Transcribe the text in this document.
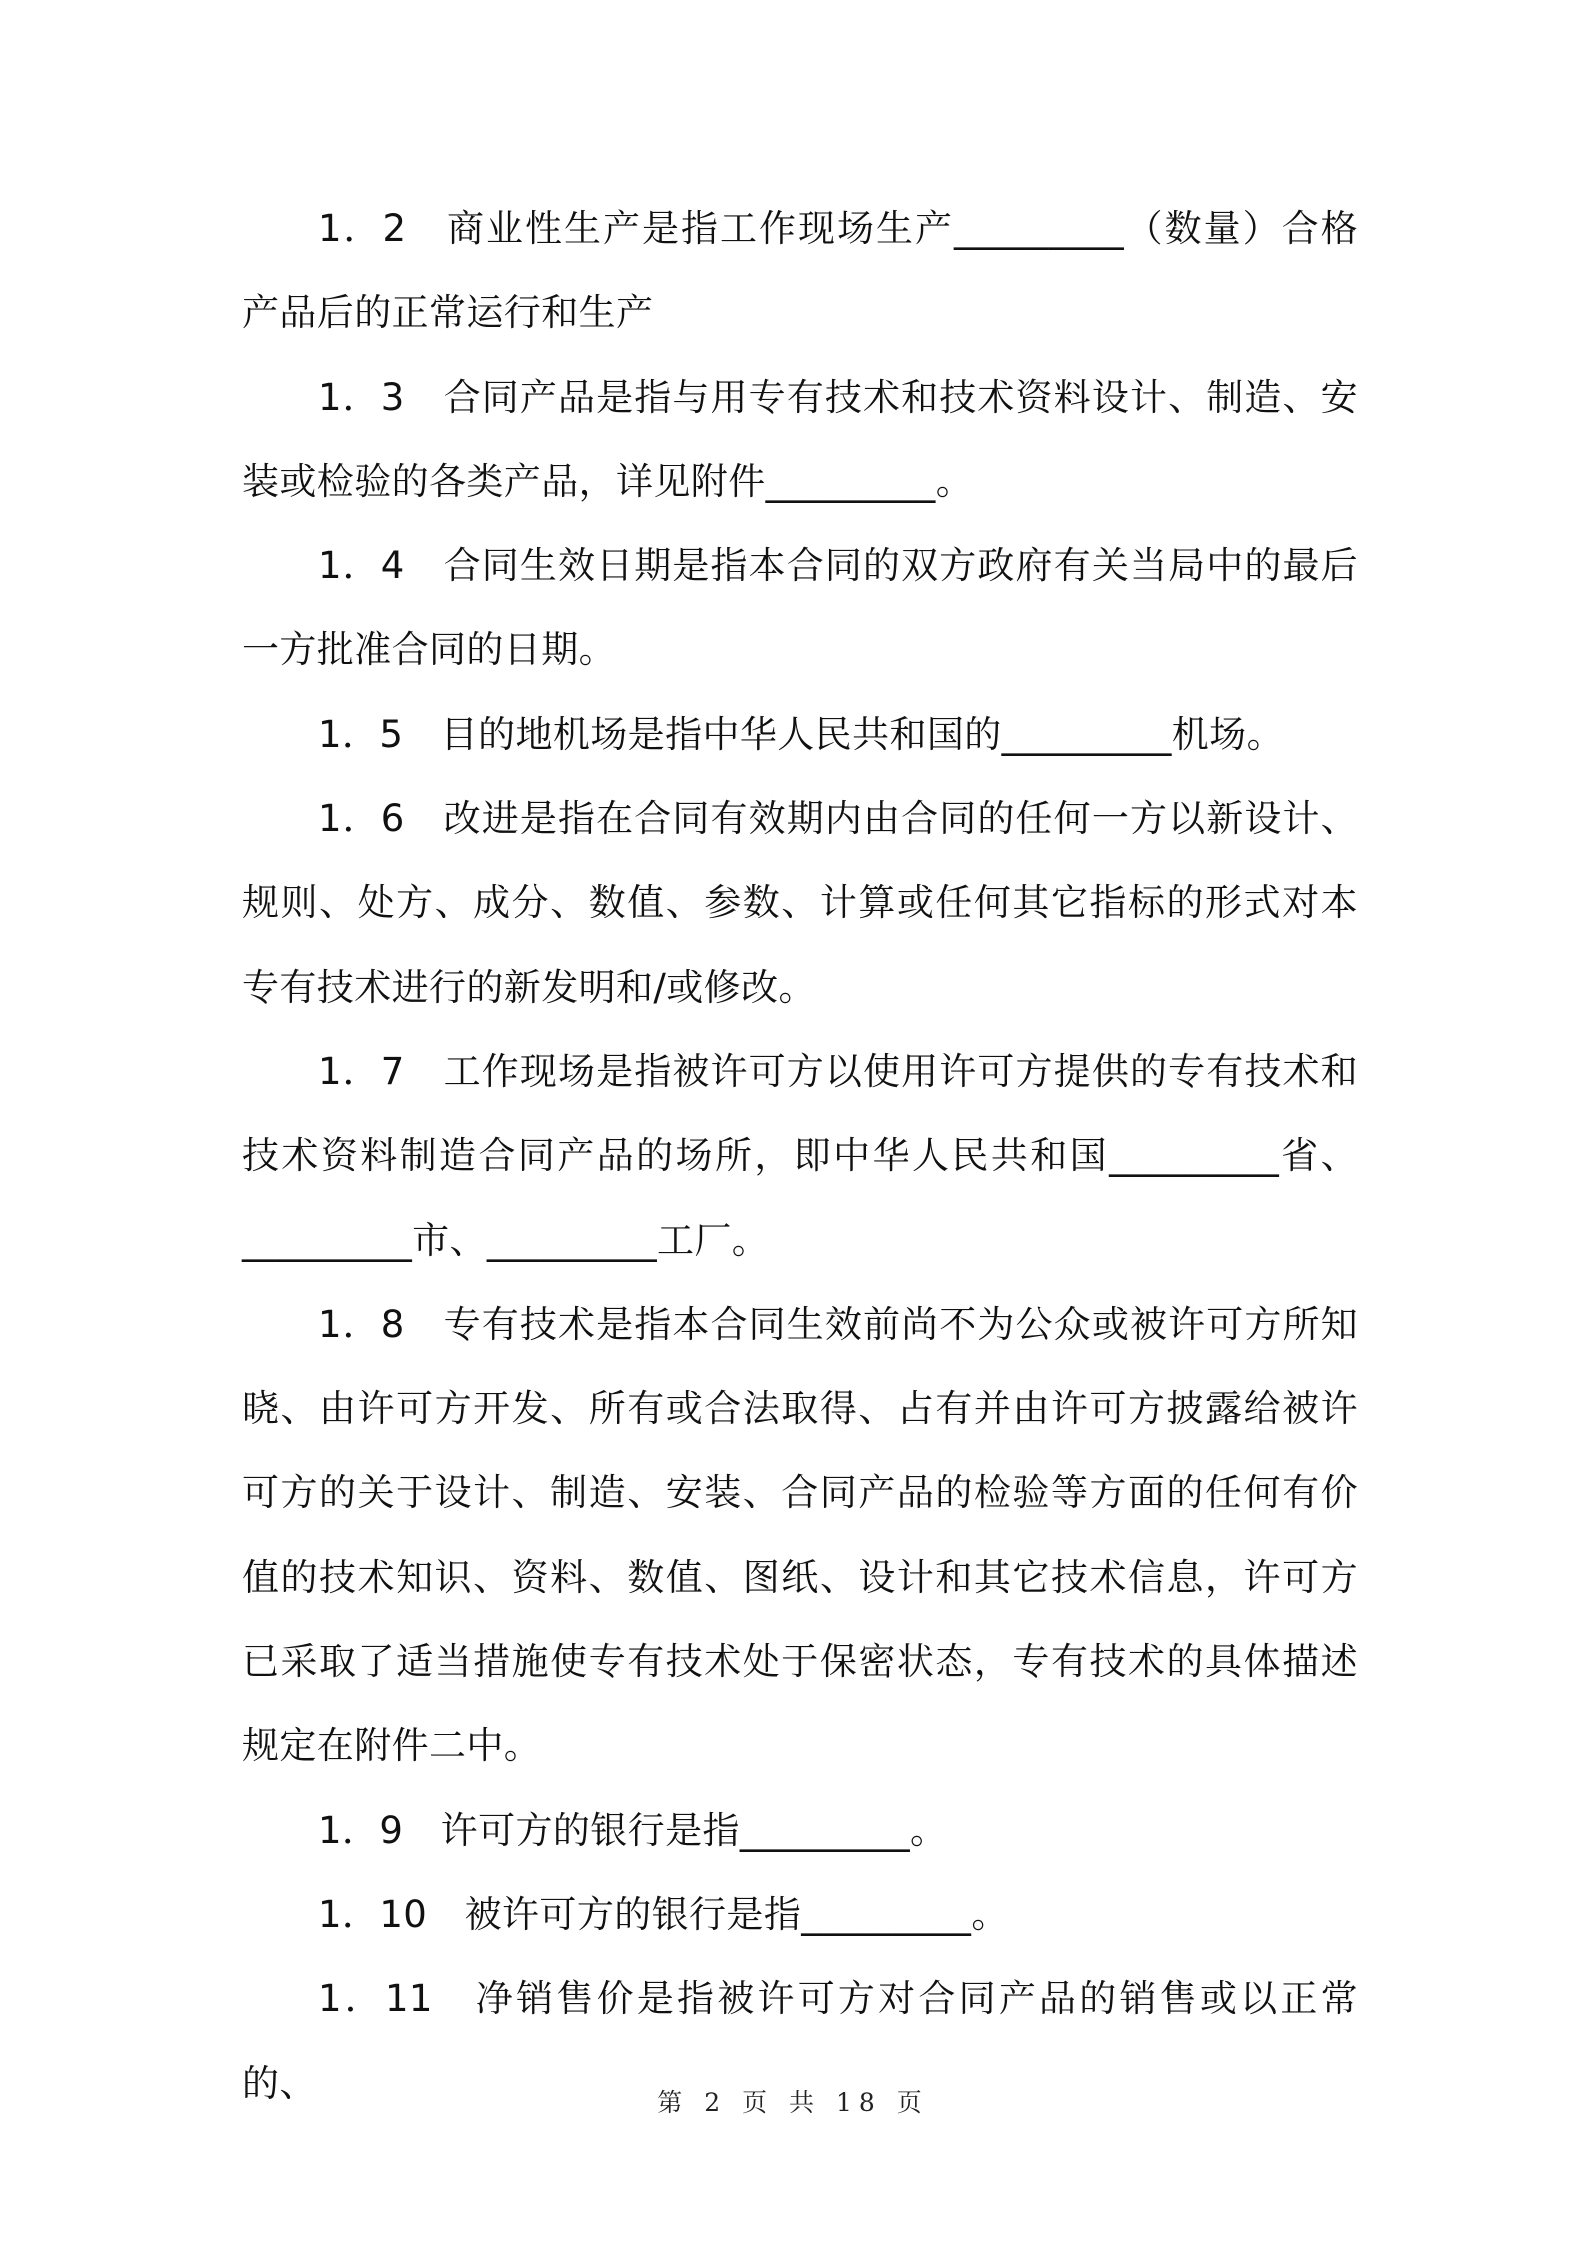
1．2　商业性生产是指工作现场生产_________（数量）合格产品后的正常运行和生产

1．3　合同产品是指与用专有技术和技术资料设计、制造、安装或检验的各类产品，详见附件_________。

1．4　合同生效日期是指本合同的双方政府有关当局中的最后一方批准合同的日期。

1．5　目的地机场是指中华人民共和国的_________机场。

1．6　改进是指在合同有效期内由合同的任何一方以新设计、规则、处方、成分、数值、参数、计算或任何其它指标的形式对本专有技术进行的新发明和/或修改。

1．7　工作现场是指被许可方以使用许可方提供的专有技术和技术资料制造合同产品的场所，即中华人民共和国_________省、_________市、_________工厂。

1．8　专有技术是指本合同生效前尚不为公众或被许可方所知晓、由许可方开发、所有或合法取得、占有并由许可方披露给被许可方的关于设计、制造、安装、合同产品的检验等方面的任何有价值的技术知识、资料、数值、图纸、设计和其它技术信息，许可方已采取了适当措施使专有技术处于保密状态，专有技术的具体描述规定在附件二中。

1．9　许可方的银行是指_________。

1．10　被许可方的银行是指_________。

1．11　净销售价是指被许可方对合同产品的销售或以正常的、	第 2 页 共 18 页
